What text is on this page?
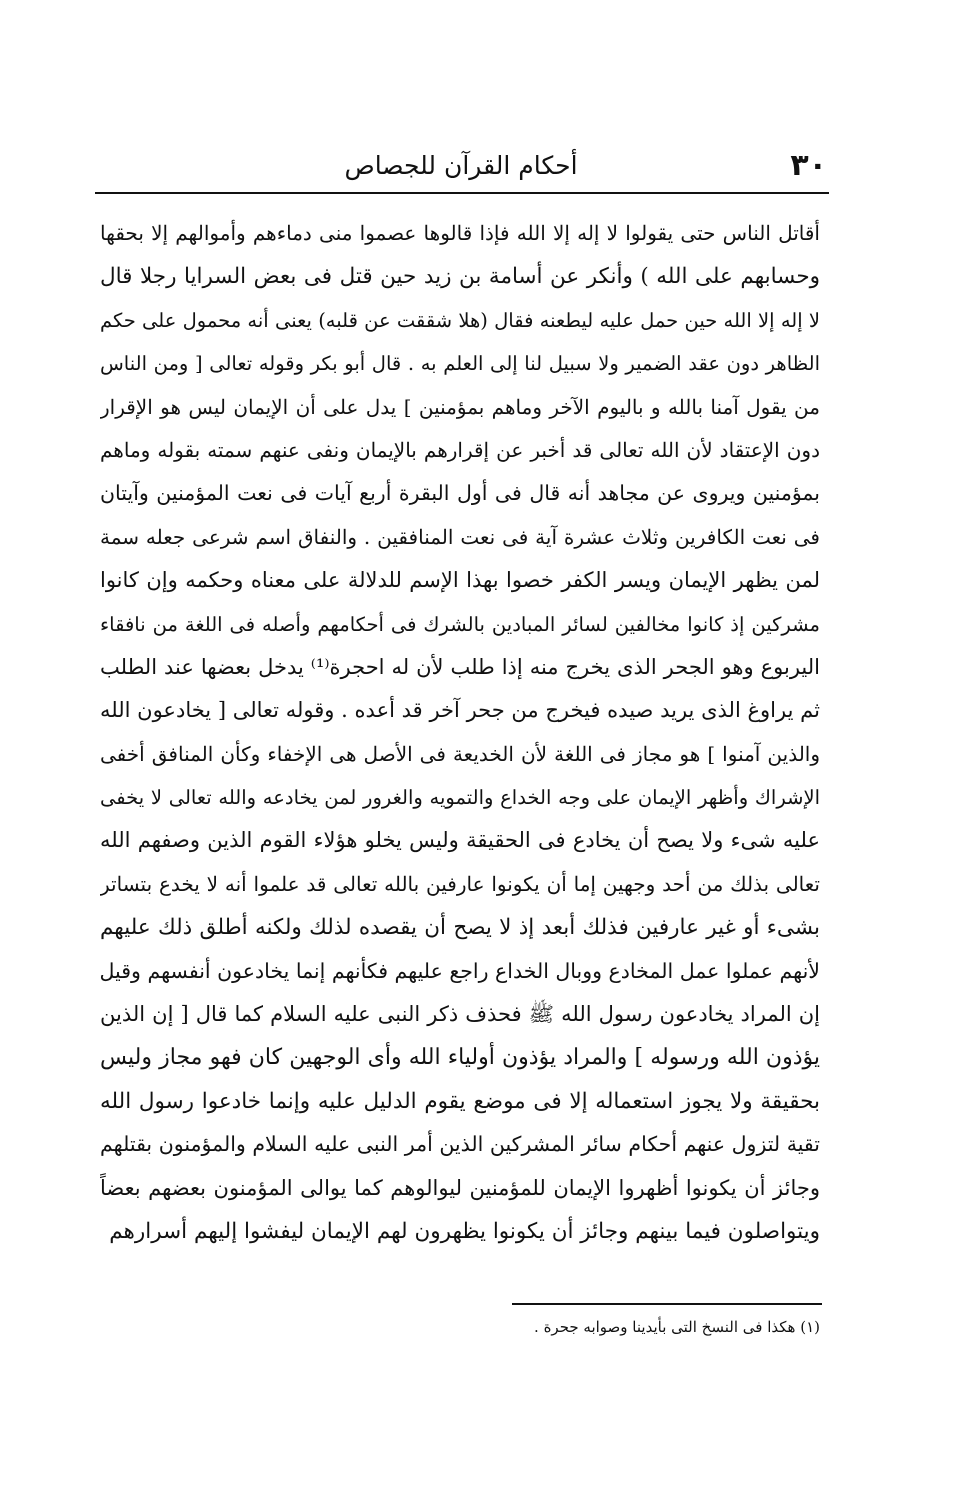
٣٠
أحكام القرآن للجصاص
أقاتل الناس حتى يقولوا لا إله إلا الله فإذا قالوها عصموا منى دماءهم وأموالهم إلا بحقها
وحسابهم على الله ) وأنكر عن أسامة بن زيد حين قتل فى بعض السرايا رجلا قال
لا إله إلا الله حين حمل عليه ليطعنه فقال (هلا شققت عن قلبه) يعنى أنه محمول على حكم
الظاهر دون عقد الضمير ولا سبيل لنا إلى العلم به . قال أبو بكر وقوله تعالى [ ومن الناس
من يقول آمنا بالله و باليوم الآخر وماهم بمؤمنين ] يدل على أن الإيمان ليس هو الإقرار
دون الإعتقاد لأن الله تعالى قد أخبر عن إقرارهم بالإيمان ونفى عنهم سمته بقوله وماهم
بمؤمنين ويروى عن مجاهد أنه قال فى أول البقرة أربع آيات فى نعت المؤمنين وآيتان
فى نعت الكافرين وثلاث عشرة آية فى نعت المنافقين . والنفاق اسم شرعى جعله سمة
لمن يظهر الإيمان ويسر الكفر خصوا بهذا الإسم للدلالة على معناه وحكمه وإن كانوا
مشركين إذ كانوا مخالفين لسائر المبادين بالشرك فى أحكامهم وأصله فى اللغة من نافقاء
اليربوع وهو الجحر الذى يخرج منه إذا طلب لأن له احجرة⁽¹⁾ يدخل بعضها عند الطلب
ثم يراوغ الذى يريد صيده فيخرج من جحر آخر قد أعده . وقوله تعالى [ يخادعون الله
والذين آمنوا ] هو مجاز فى اللغة لأن الخديعة فى الأصل هى الإخفاء وكأن المنافق أخفى
الإشراك وأظهر الإيمان على وجه الخداع والتمويه والغرور لمن يخادعه والله تعالى لا يخفى
عليه شىء ولا يصح أن يخادع فى الحقيقة وليس يخلو هؤلاء القوم الذين وصفهم الله
تعالى بذلك من أحد وجهين إما أن يكونوا عارفين بالله تعالى قد علموا أنه لا يخدع بتساتر
بشىء أو غير عارفين فذلك أبعد إذ لا يصح أن يقصده لذلك ولكنه أطلق ذلك عليهم
لأنهم عملوا عمل المخادع ووبال الخداع راجع عليهم فكأنهم إنما يخادعون أنفسهم وقيل
إن المراد يخادعون رسول الله ﷺ فحذف ذكر النبى عليه السلام كما قال [ إن الذين
يؤذون الله ورسوله ] والمراد يؤذون أولياء الله وأى الوجهين كان فهو مجاز وليس
بحقيقة ولا يجوز استعماله إلا فى موضع يقوم الدليل عليه وإنما خادعوا رسول الله
تقية لتزول عنهم أحكام سائر المشركين الذين أمر النبى عليه السلام والمؤمنون بقتلهم
وجائز أن يكونوا أظهروا الإيمان للمؤمنين ليوالوهم كما يوالى المؤمنون بعضهم بعضاً
ويتواصلون فيما بينهم وجائز أن يكونوا يظهرون لهم الإيمان ليفشوا إليهم أسرارهم
(١) هكذا فى النسخ التى بأيدينا وصوابه جحرة .
